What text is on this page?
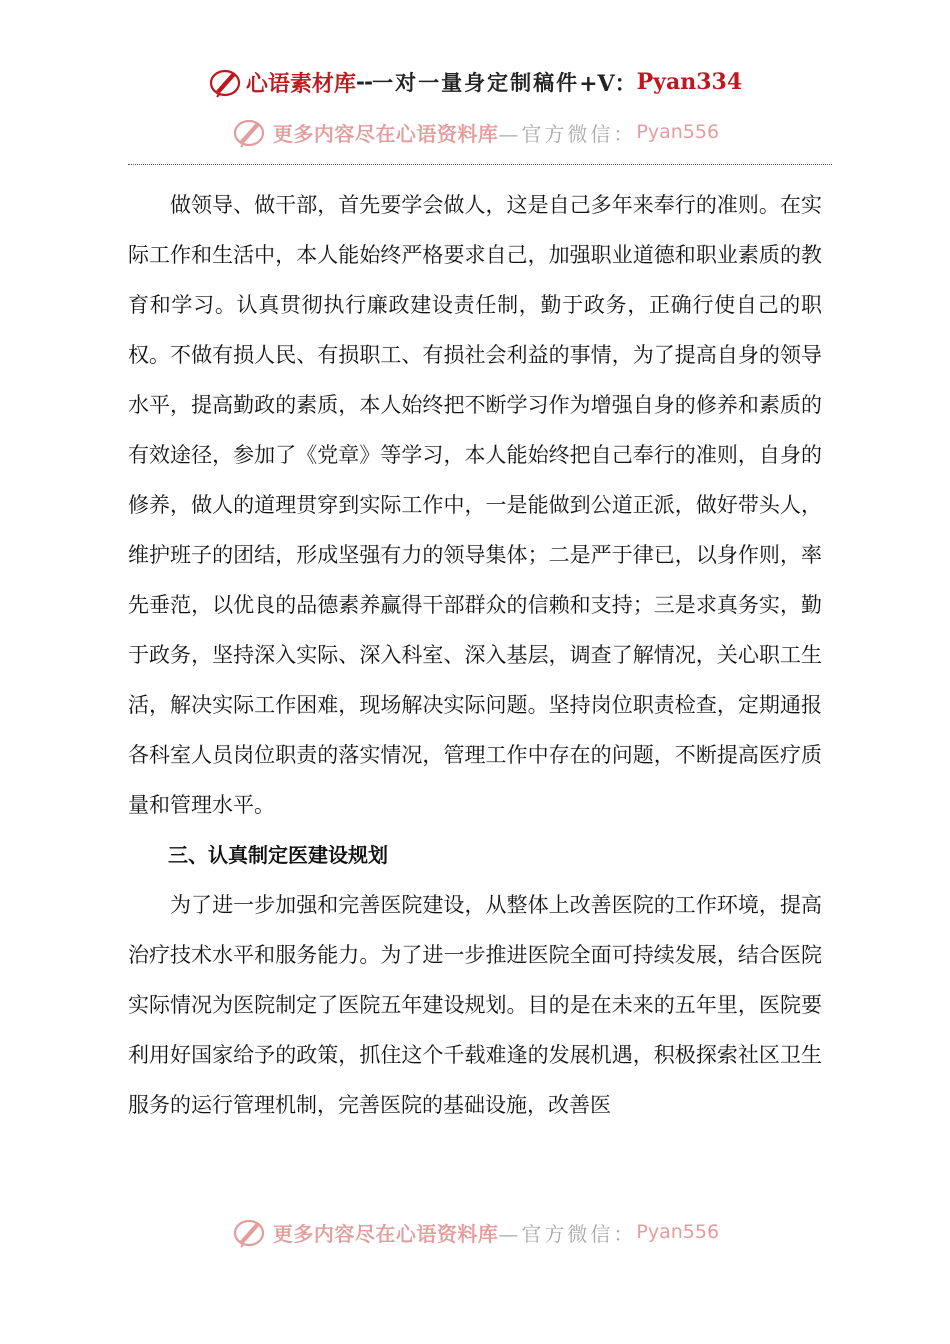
心语素材库 -- 一对一量身定制稿件 +V： Pyan334
更多内容尽在心语资料库 —官方微信： Pyan556

做领导、做干部，首先要学会做人，这是自己多年来奉行的准则。在实际工作和生活中，本人能始终严格要求自己，加强职业道德和职业素质的教育和学习。认真贯彻执行廉政建设责任制，勤于政务，正确行使自己的职权。不做有损人民、有损职工、有损社会利益的事情，为了提高自身的领导水平，提高勤政的素质，本人始终把不断学习作为增强自身的修养和素质的有效途径，参加了《党章》等学习，本人能始终把自己奉行的准则，自身的修养，做人的道理贯穿到实际工作中，一是能做到公道正派，做好带头人，维护班子的团结，形成坚强有力的领导集体；二是严于律已，以身作则，率先垂范，以优良的品德素养赢得干部群众的信赖和支持；三是求真务实，勤于政务，坚持深入实际、深入科室、深入基层，调查了解情况，关心职工生活，解决实际工作困难，现场解决实际问题。坚持岗位职责检查，定期通报各科室人员岗位职责的落实情况，管理工作中存在的问题，不断提高医疗质量和管理水平。

三、认真制定医建设规划

为了进一步加强和完善医院建设，从整体上改善医院的工作环境，提高治疗技术水平和服务能力。为了进一步推进医院全面可持续发展，结合医院实际情况为医院制定了医院五年建设规划。目的是在未来的五年里，医院要利用好国家给予的政策，抓住这个千载难逢的发展机遇，积极探索社区卫生服务的运行管理机制，完善医院的基础设施，改善医

更多内容尽在心语资料库 —官方微信： Pyan556
